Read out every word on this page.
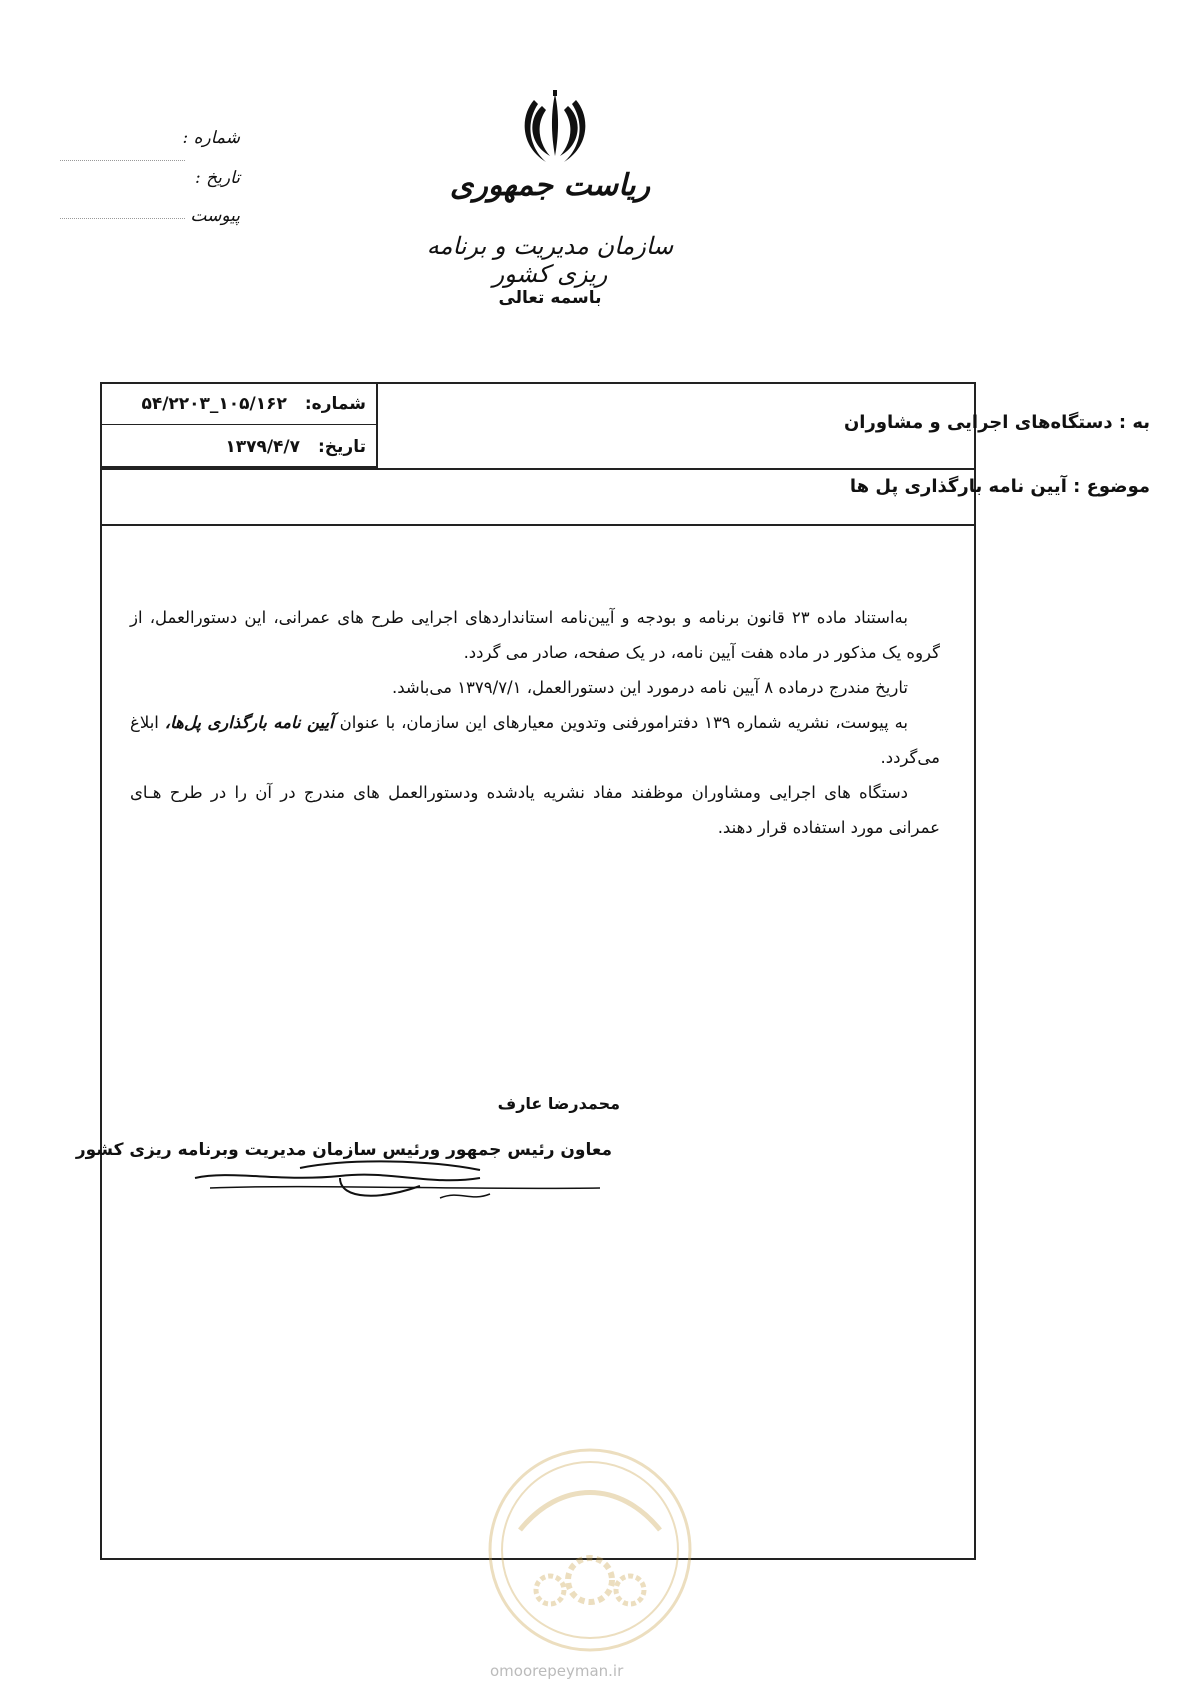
ریاست جمهوری
سازمان مدیریت و برنامه ریزی کشور
باسمه تعالی
شماره :
تاریخ :
پیوست
شماره:
۱۰۵/۱۶۲_۵۴/۲۲۰۳
تاریخ:
۱۳۷۹/۴/۷
به : دستگاه‌های اجرایی و مشاوران
موضوع : آیین نامه بارگذاری پل ها

به‌استناد ماده ۲۳ قانون برنامه و بودجه و آیین‌نامه استانداردهای اجرایی طرح های عمرانی، این دستورالعمل، از گروه یک مذکور در ماده هفت آیین نامه، در یک صفحه، صادر می گردد.

تاریخ مندرج درماده ۸ آیین نامه درمورد این دستورالعمل، ۱۳۷۹/۷/۱ می‌باشد.

به پیوست، نشریه شماره ۱۳۹ دفترامورفنی وتدوین معیارهای این سازمان، با عنوان آیین نامه بارگذاری پل‌ها، ابلاغ می‌گردد.

دستگاه های اجرایی ومشاوران موظفند مفاد نشریه یادشده ودستورالعمل های مندرج در آن را در طرح هـای عمرانی مورد استفاده قرار دهند.

محمدرضا عارف
معاون رئیس جمهور ورئیس سازمان مدیریت وبرنامه ریزی کشور
omoorepeyman.ir
